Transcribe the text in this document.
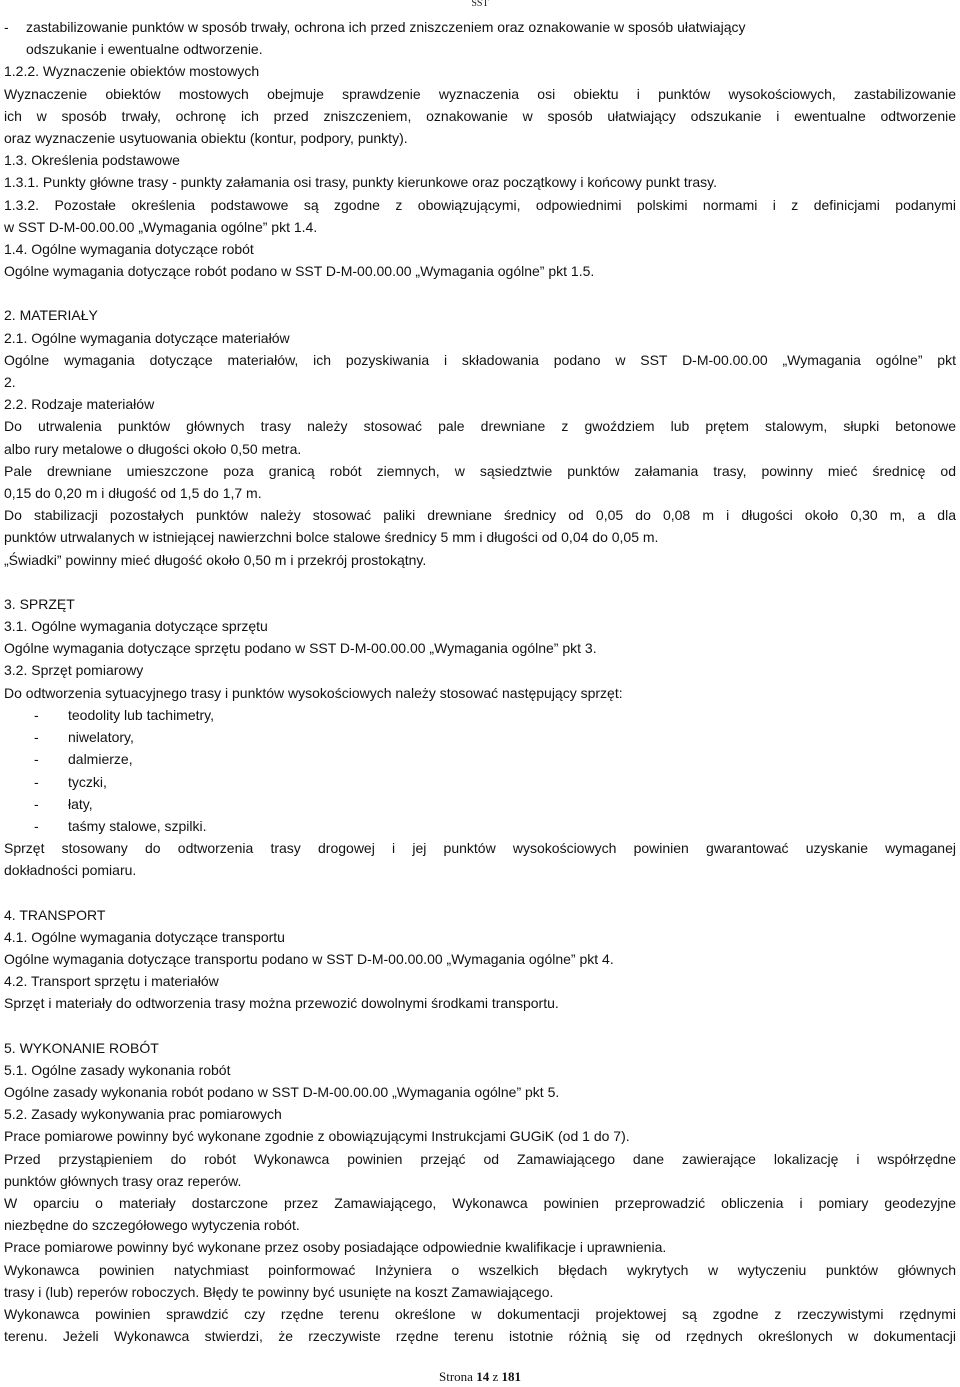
SST
-	zastabilizowanie punktów w sposób trwały, ochrona ich przed zniszczeniem oraz oznakowanie w sposób ułatwiający
odszukanie i ewentualne odtworzenie.
1.2.2. Wyznaczenie obiektów mostowych
Wyznaczenie obiektów mostowych obejmuje sprawdzenie wyznaczenia osi obiektu i punktów wysokościowych, zastabilizowanie
ich w sposób trwały, ochronę ich przed zniszczeniem, oznakowanie w sposób ułatwiający odszukanie i ewentualne odtworzenie
oraz wyznaczenie usytuowania obiektu (kontur, podpory, punkty).
1.3. Określenia podstawowe
1.3.1. Punkty główne trasy - punkty załamania osi trasy, punkty kierunkowe oraz początkowy i końcowy punkt trasy.
1.3.2. Pozostałe określenia podstawowe są zgodne z obowiązującymi, odpowiednimi polskimi normami i z definicjami podanymi
w SST D-M-00.00.00 „Wymagania ogólne” pkt 1.4.
1.4. Ogólne wymagania dotyczące robót
Ogólne wymagania dotyczące robót podano w SST D-M-00.00.00 „Wymagania ogólne” pkt 1.5.
2. MATERIAŁY
2.1. Ogólne wymagania dotyczące materiałów
Ogólne wymagania dotyczące materiałów, ich pozyskiwania i składowania podano w SST D-M-00.00.00 „Wymagania ogólne” pkt
2.
2.2. Rodzaje materiałów
Do utrwalenia punktów głównych trasy należy stosować pale drewniane z gwoździem lub prętem stalowym, słupki betonowe
albo rury metalowe o długości około 0,50 metra.
Pale drewniane umieszczone poza granicą robót ziemnych, w sąsiedztwie punktów załamania trasy, powinny mieć średnicę od
0,15 do 0,20 m i długość od 1,5 do 1,7 m.
Do stabilizacji pozostałych punktów należy stosować paliki drewniane średnicy od 0,05 do 0,08 m i długości około 0,30 m, a dla
punktów utrwalanych w istniejącej nawierzchni bolce stalowe średnicy 5 mm i długości od 0,04 do 0,05 m.
„Świadki” powinny mieć długość około 0,50 m i przekrój prostokątny.
3. SPRZĘT
3.1. Ogólne wymagania dotyczące sprzętu
Ogólne wymagania dotyczące sprzętu podano w SST D-M-00.00.00 „Wymagania ogólne” pkt 3.
3.2. Sprzęt pomiarowy
Do odtworzenia sytuacyjnego trasy i punktów wysokościowych należy stosować następujący sprzęt:
-	teodolity lub tachimetry,
-	niwelatory,
-	dalmierze,
-	tyczki,
-	łaty,
-	taśmy stalowe, szpilki.
Sprzęt stosowany do odtworzenia trasy drogowej i jej punktów wysokościowych powinien gwarantować uzyskanie wymaganej
dokładności pomiaru.
4. TRANSPORT
4.1. Ogólne wymagania dotyczące transportu
Ogólne wymagania dotyczące transportu podano w SST D-M-00.00.00 „Wymagania ogólne” pkt 4.
4.2. Transport sprzętu i materiałów
Sprzęt i materiały do odtworzenia trasy można przewozić dowolnymi środkami transportu.
5. WYKONANIE ROBÓT
5.1. Ogólne zasady wykonania robót
Ogólne zasady wykonania robót podano w SST D-M-00.00.00 „Wymagania ogólne” pkt 5.
5.2. Zasady wykonywania prac pomiarowych
Prace pomiarowe powinny być wykonane zgodnie z obowiązującymi Instrukcjami GUGiK (od 1 do 7).
Przed przystąpieniem do robót Wykonawca powinien przejąć od Zamawiającego dane zawierające lokalizację i współrzędne
punktów głównych trasy oraz reperów.
W oparciu o materiały dostarczone przez Zamawiającego, Wykonawca powinien przeprowadzić obliczenia i pomiary geodezyjne
niezbędne do szczegółowego wytyczenia robót.
Prace pomiarowe powinny być wykonane przez osoby posiadające odpowiednie kwalifikacje i uprawnienia.
Wykonawca powinien natychmiast poinformować Inżyniera o wszelkich błędach wykrytych w wytyczeniu punktów głównych
trasy i (lub) reperów roboczych. Błędy te powinny być usunięte na koszt Zamawiającego.
Wykonawca powinien sprawdzić czy rzędne terenu określone w dokumentacji projektowej są zgodne z rzeczywistymi rzędnymi
terenu. Jeżeli Wykonawca stwierdzi, że rzeczywiste rzędne terenu istotnie różnią się od rzędnych określonych w dokumentacji
Strona 14 z 181
